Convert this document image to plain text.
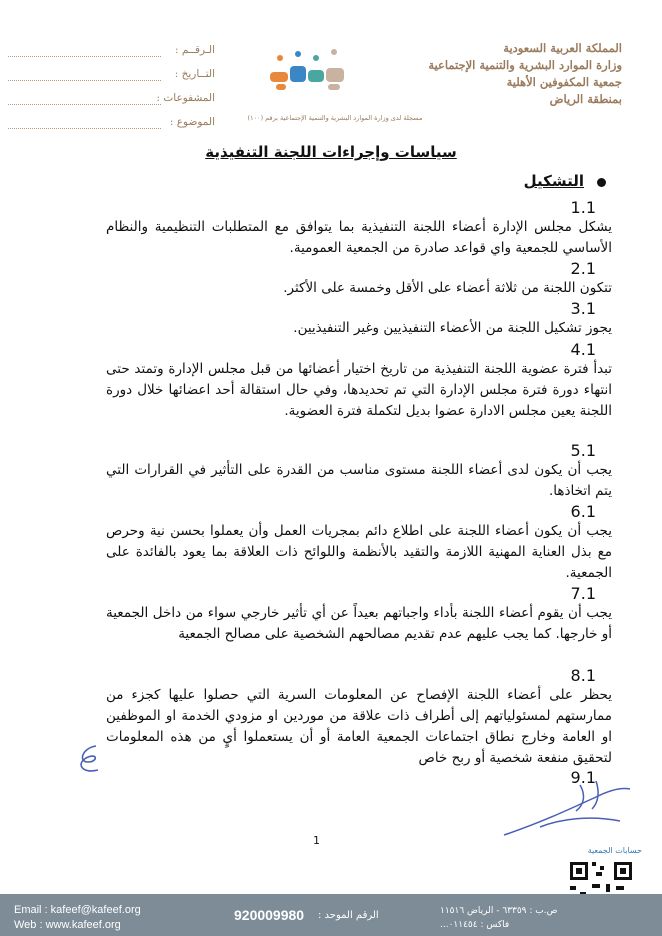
المملكة العربية السعودية
وزارة الموارد البشرية والتنمية الإجتماعية
جمعية المكفوفين الأهلية
بمنطقة الرياض
مسجلة لدى وزارة الموارد البشرية والتنمية الإجتماعية برقم (١٠٠)
الـرقــم :
التــاريخ :
المشفوعات :
الموضوع :
سياسات وإجراءات اللجنة التنفيذية
التشكيل
1.1
يشكل مجلس الإدارة أعضاء اللجنة التنفيذية بما يتوافق مع المتطلبات التنظيمية والنظام الأساسي للجمعية واي قواعد صادرة من الجمعية العمومية.
2.1
تتكون اللجنة من ثلاثة أعضاء على الأقل وخمسة على الأكثر.
3.1
يجوز تشكيل اللجنة من الأعضاء التنفيذيين وغير التنفيذيين.
4.1
تبدأ فترة عضوية اللجنة التنفيذية من تاريخ اختيار أعضائها من قبل مجلس الإدارة وتمتد حتى انتهاء دورة فترة مجلس الإدارة التي تم تحديدها، وفي حال استقالة أحد اعضائها خلال دورة اللجنة يعين مجلس الادارة عضوا بديل لتكملة فترة العضوية.
5.1
يجب أن يكون لدى أعضاء اللجنة مستوى مناسب من القدرة على التأثير في القرارات التي يتم اتخاذها.
6.1
يجب أن يكون أعضاء اللجنة على اطلاع دائم بمجريات العمل وأن يعملوا بحسن نية وحرص مع بذل العناية المهنية اللازمة والتقيد بالأنظمة واللوائح ذات العلاقة بما يعود بالفائدة على الجمعية.
7.1
يجب أن يقوم أعضاء اللجنة بأداء واجباتهم بعيداً عن أي تأثير خارجي سواء من داخل الجمعية أو خارجها. كما يجب عليهم عدم تقديم مصالحهم الشخصية على مصالح الجمعية
8.1
يحظر على أعضاء اللجنة الإفصاح عن المعلومات السرية التي حصلوا عليها كجزء من ممارستهم لمسئولياتهم إلى أطراف ذات علاقة من موردين او مزودي الخدمة او الموظفين او العامة وخارج نطاق اجتماعات الجمعية العامة أو أن يستعملوا أيٍ من هذه المعلومات لتحقيق منفعة شخصية أو ربح خاص
9.1
1
حسابات الجمعية
Email : kafeef@kafeef.org
Web : www.kafeef.org
920009980 الرقم الموحد :	ص.ب : ٦٣٣٥٩ - الرياض ١١٥١٦
فاكس : ٠١١٤٥٤...
